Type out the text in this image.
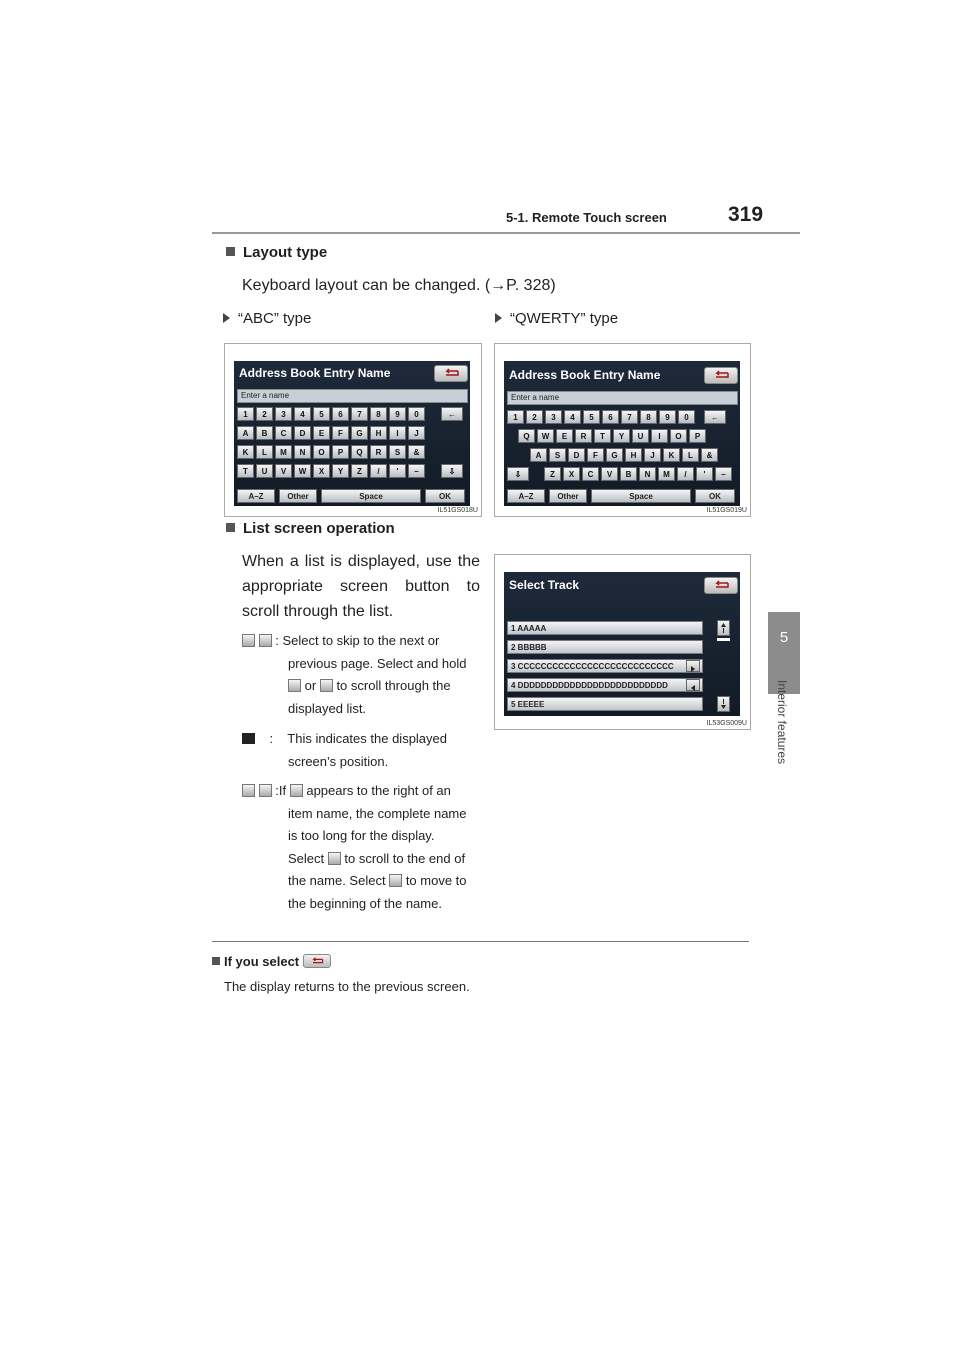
5-1. Remote Touch screen	319
5
Interior features
Layout type
Keyboard layout can be changed. (→P. 328)
“ABC” type	“QWERTY” type
Address Book Entry Name
Enter a name
1	2	3	4	5	6	7	8	9	0
A	B	C	D	E	F	G	H	I	J
K	L	M	N	O	P	Q	R	S	&
T	U	V	W	X	Y	Z	/	'	–
←
⇩
A–Z	Other	Space	OK
IL51GS018U
Address Book Entry Name
Enter a name
1	2	3	4	5	6	7	8	9	0
Q	W	E	R	T	Y	U	I	O	P
A	S	D	F	G	H	J	K	L	&
Z	X	C	V	B	N	M	/	'	–
←
⇩
A–Z	Other	Space	OK
IL51GS019U
List screen operation
When a list is displayed, use the appropriate screen button to scroll through the list.
: Select to skip to the next or
previous page. Select and hold
or to scroll through the
displayed list.
: This indicates the displayed
screen’s position.
:If appears to the right of an
item name, the complete name
is too long for the display.
Select to scroll to the end of
the name. Select to move to
the beginning of the name.
Select Track
1 AAAAA
2 BBBBB
3 CCCCCCCCCCCCCCCCCCCCCCCCCCC
4 DDDDDDDDDDDDDDDDDDDDDDDDDD
5 EEEEE
IL53GS009U
If you select
The display returns to the previous screen.
